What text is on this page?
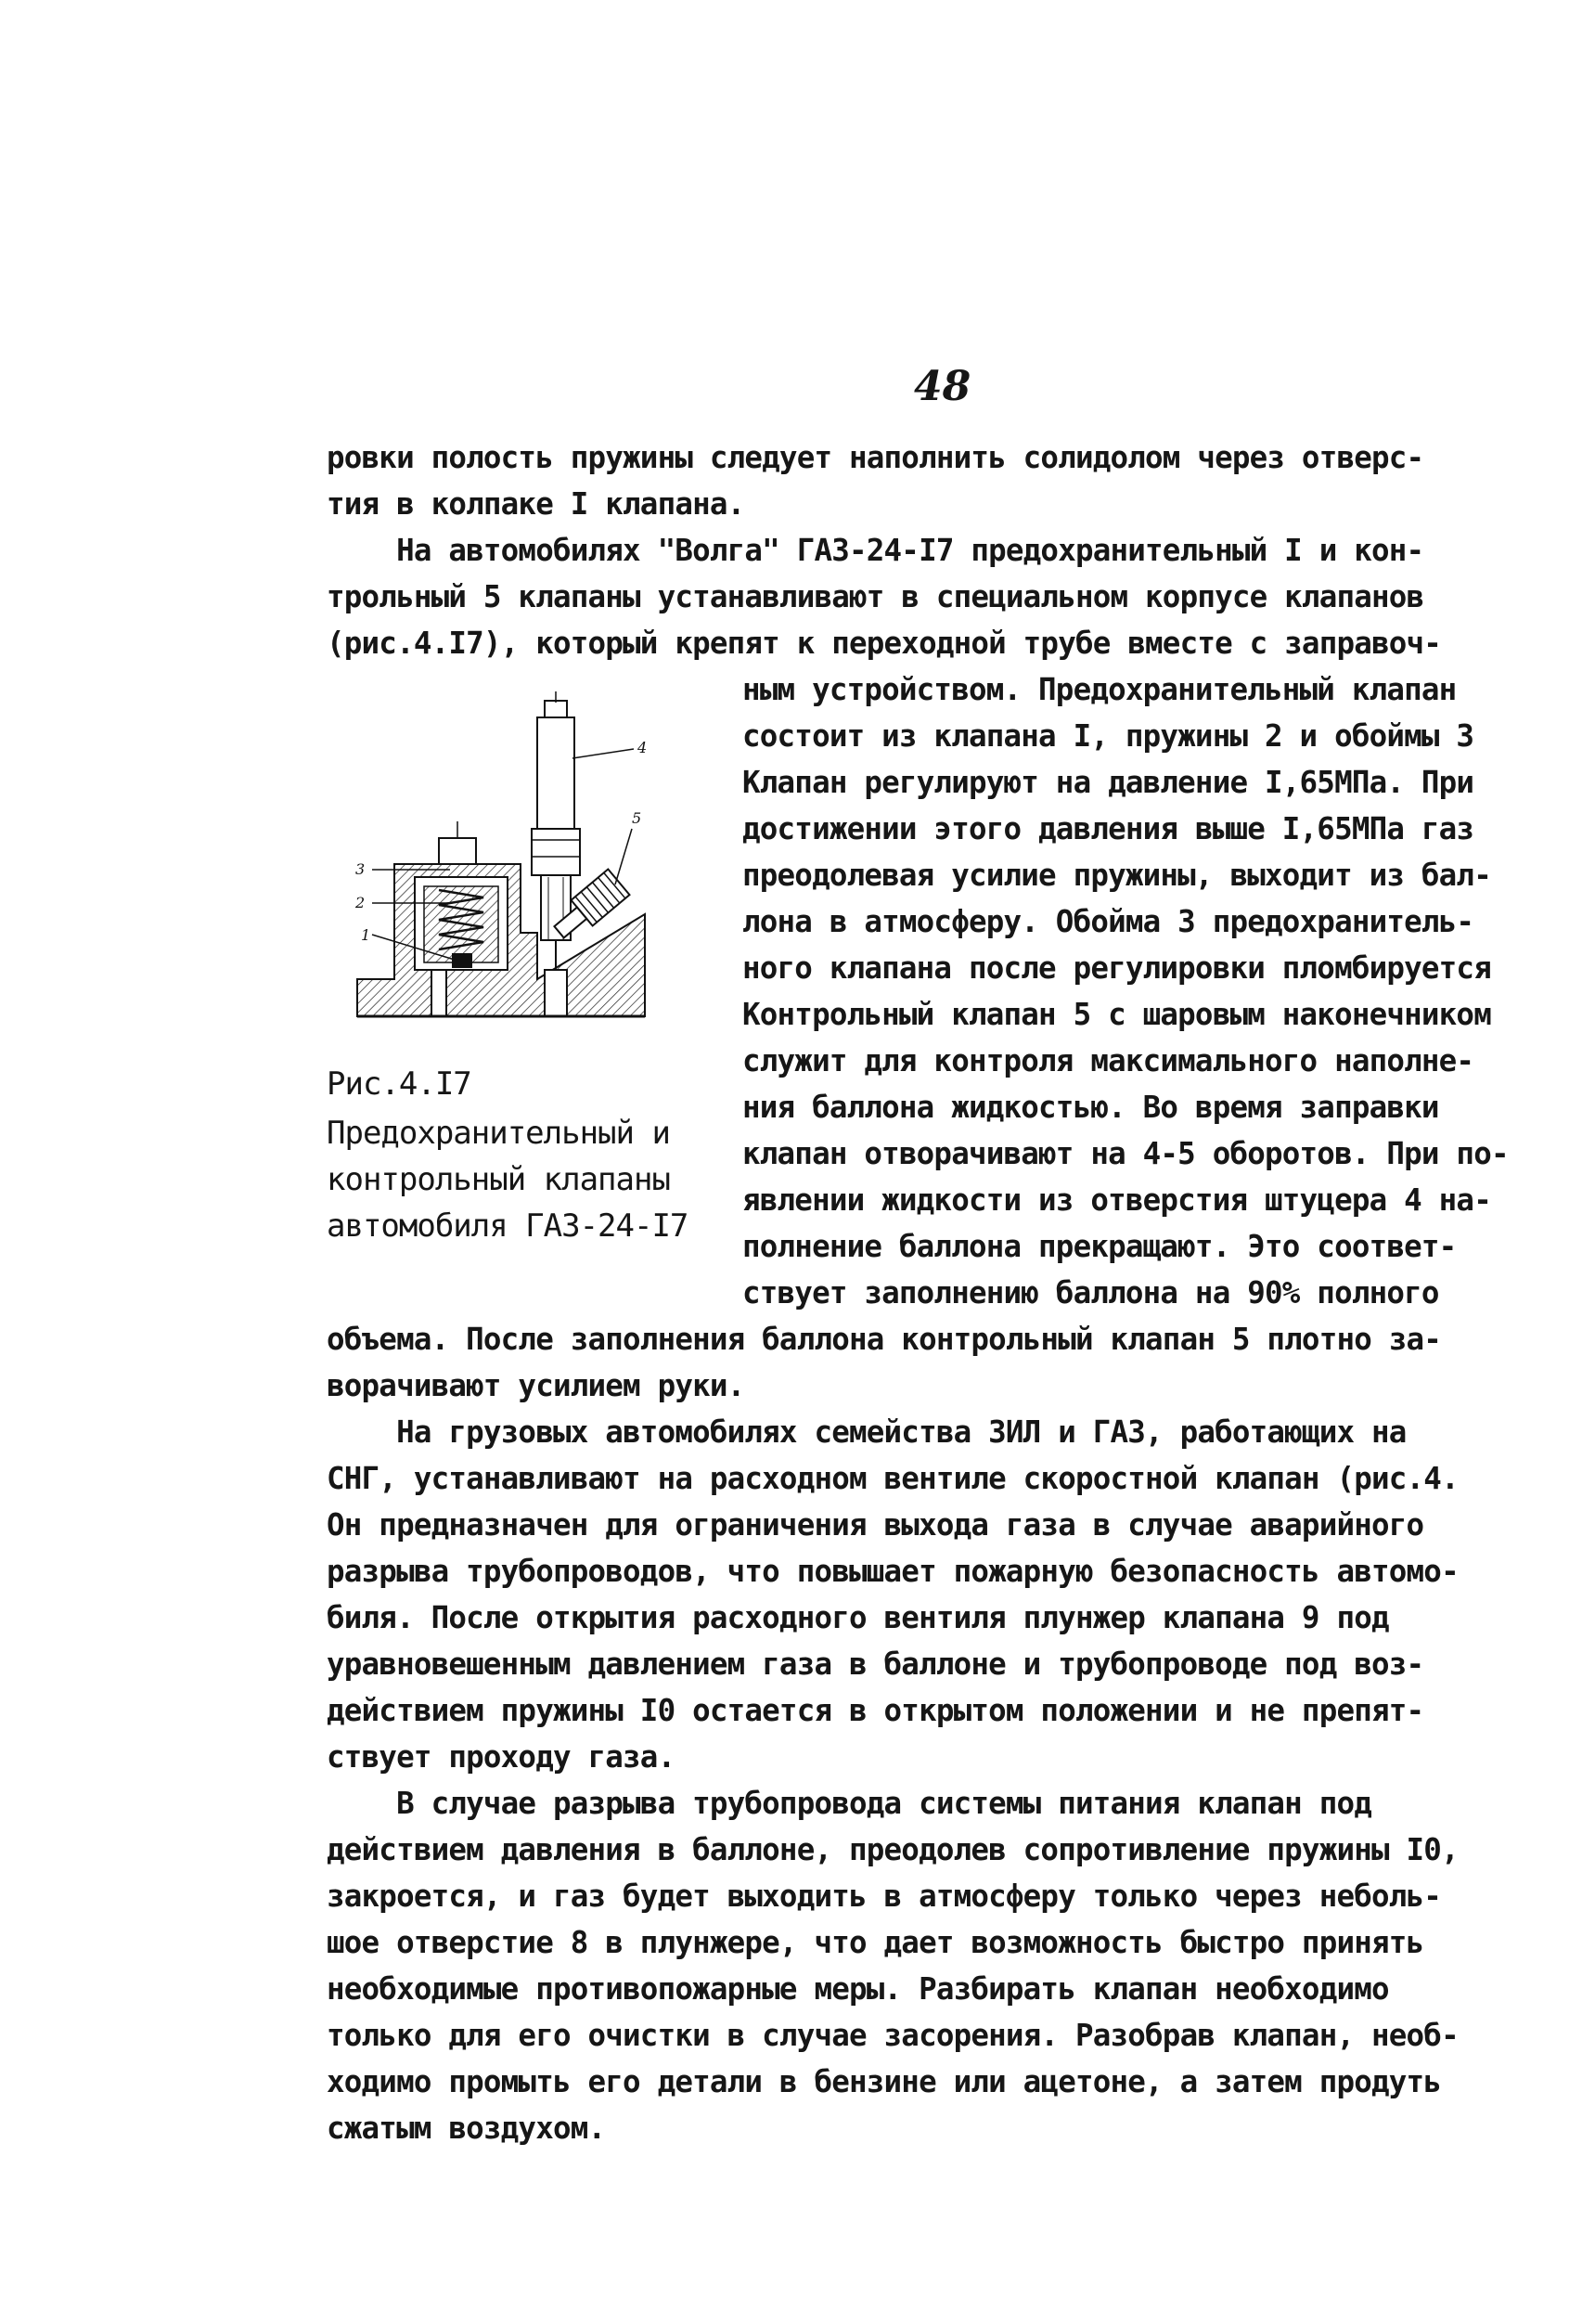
48
ровки полость пружины следует наполнить солидолом через отверс-
тия в колпаке I клапана.
На автомобилях "Волга" ГАЗ-24-I7 предохранительный I и кон-
трольный 5 клапаны устанавливают в специальном корпусе клапанов
(рис.4.I7), который крепят к переходной трубе вместе с заправоч-
ным устройством. Предохранительный клапан
состоит из клапана I, пружины 2 и обоймы 3
Клапан регулируют на давление I,65МПа. При
достижении этого давления выше I,65МПа газ
преодолевая усилие пружины, выходит из бал-
лона в атмосферу. Обойма 3 предохранитель-
ного клапана после регулировки пломбируется
Контрольный клапан 5 с шаровым наконечником
служит для контроля максимального наполне-
ния баллона жидкостью. Во время заправки
клапан отворачивают на 4-5 оборотов. При по-
явлении жидкости из отверстия штуцера 4 на-
полнение баллона прекращают. Это соответ-
ствует заполнению баллона на 90% полного
объема. После заполнения баллона контрольный клапан 5 плотно за-
ворачивают усилием руки.
На грузовых автомобилях семейства ЗИЛ и ГАЗ, работающих на
СНГ, устанавливают на расходном вентиле скоростной клапан (рис.4.
Он предназначен для ограничения выхода газа в случае аварийного
разрыва трубопроводов, что повышает пожарную безопасность автомо-
биля. После открытия расходного вентиля плунжер клапана 9 под
уравновешенным давлением газа в баллоне и трубопроводе под воз-
действием пружины I0 остается в открытом положении и не препят-
ствует проходу газа.
В случае разрыва трубопровода системы питания клапан под
действием давления в баллоне, преодолев сопротивление пружины I0,
закроется, и газ будет выходить в атмосферу только через неболь-
шое отверстие 8 в плунжере, что дает возможность быстро принять
необходимые противопожарные меры. Разбирать клапан необходимо
только для его очистки в случае засорения. Разобрав клапан, необ-
ходимо промыть его детали в бензине или ацетоне, а затем продуть
сжатым воздухом.
4
5
3
2
1
Рис.4.I7
Предохранительный и
контрольный клапаны
автомобиля ГАЗ-24-I7
